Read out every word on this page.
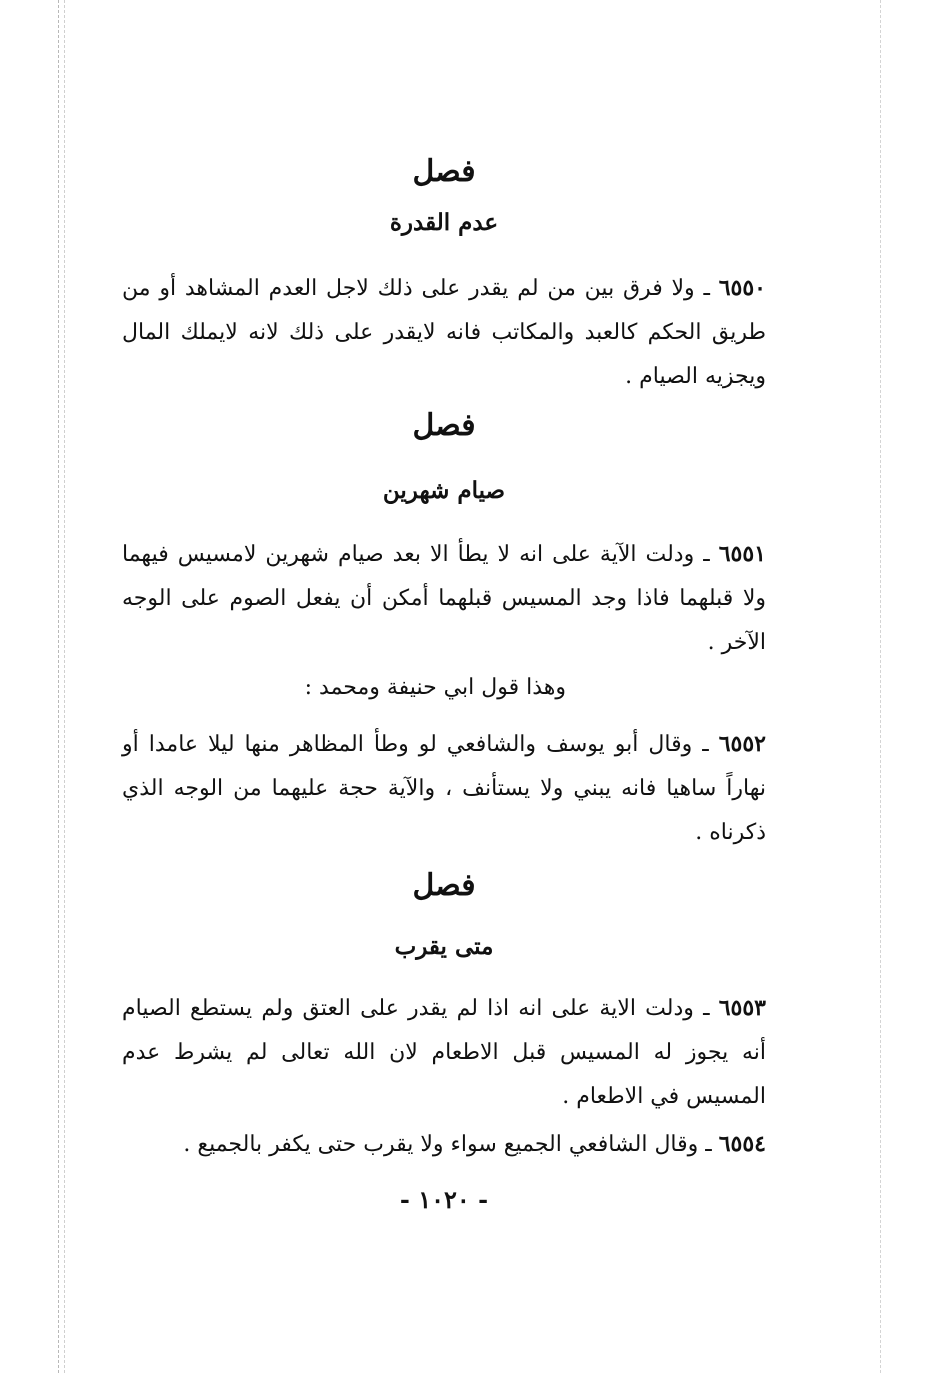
فصل
عدم القدرة
٦٥٥٠ ـ ولا فرق بين من لم يقدر على ذلك لاجل العدم المشاهد أو من طريق الحكم كالعبد والمكاتب فانه لايقدر على ذلك لانه لايملك المال ويجزيه الصيام .
فصل
صيام شهرين
٦٥٥١ ـ ودلت الآية على انه لا يطأ الا بعد صيام شهرين لامسيس فيهما ولا قبلهما فاذا وجد المسيس قبلهما أمكن أن يفعل الصوم على الوجه الآخر .
وهذا قول ابي حنيفة ومحمد :
٦٥٥٢ ـ وقال أبو يوسف والشافعي لو وطأ المظاهر منها ليلا عامدا أو نهاراً ساهيا فانه يبني ولا يستأنف ، والآية حجة عليهما من الوجه الذي ذكرناه .
فصل
متى يقرب
٦٥٥٣ ـ ودلت الاية على انه اذا لم يقدر على العتق ولم يستطع الصيام أنه يجوز له المسيس قبل الاطعام لان الله تعالى لم يشرط عدم المسيس في الاطعام .
٦٥٥٤ ـ وقال الشافعي الجميع سواء ولا يقرب حتى يكفر بالجميع .
- ١٠٢٠ -
